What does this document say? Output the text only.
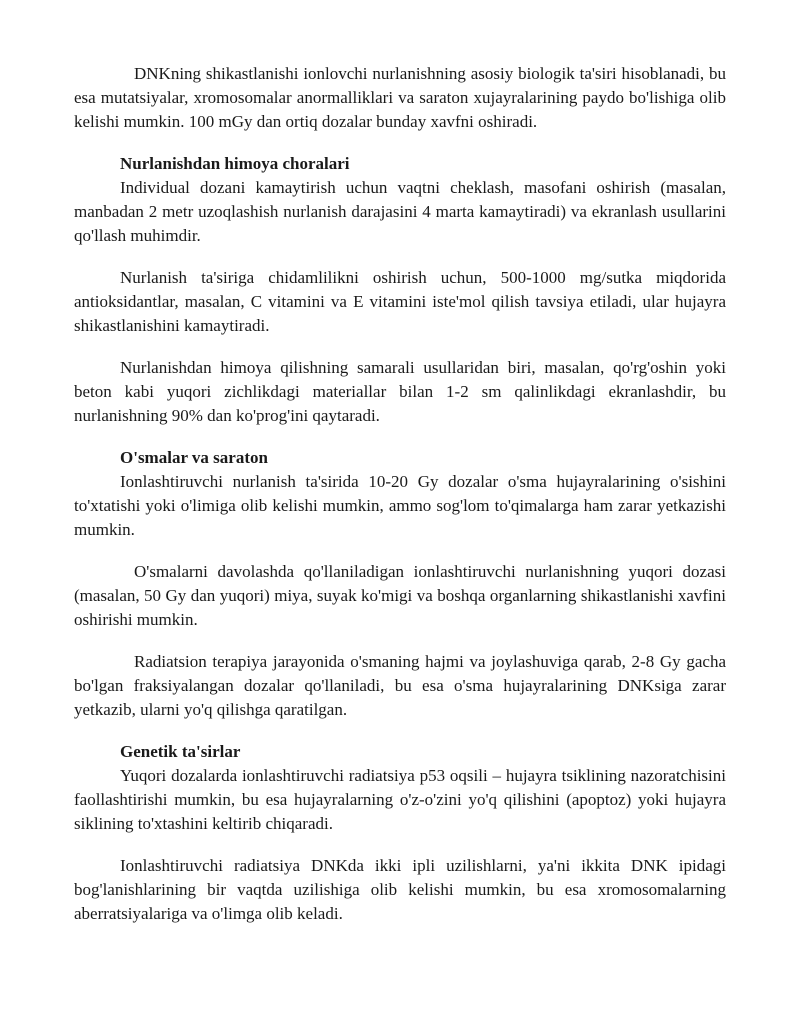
DNKning shikastlanishi ionlovchi nurlanishning asosiy biologik ta'siri hisoblanadi, bu esa mutatsiyalar, xromosomalar anormalliklari va saraton xujayralarining paydo bo'lishiga olib kelishi mumkin. 100 mGy dan ortiq dozalar bunday xavfni oshiradi.

Nurlanishdan himoya choralari

Individual dozani kamaytirish uchun vaqtni cheklash, masofani oshirish (masalan, manbadan 2 metr uzoqlashish nurlanish darajasini 4 marta kamaytiradi) va ekranlash usullarini qo'llash muhimdir.

Nurlanish ta'siriga chidamlilikni oshirish uchun, 500-1000 mg/sutka miqdorida antioksidantlar, masalan, C vitamini va E vitamini iste'mol qilish tavsiya etiladi, ular hujayra shikastlanishini kamaytiradi.

Nurlanishdan himoya qilishning samarali usullaridan biri, masalan, qo'rg'oshin yoki beton kabi yuqori zichlikdagi materiallar bilan 1-2 sm qalinlikdagi ekranlashdir, bu nurlanishning 90% dan ko'prog'ini qaytaradi.

O'smalar va saraton

Ionlashtiruvchi nurlanish ta'sirida 10-20 Gy dozalar o'sma hujayralarining o'sishini to'xtatishi yoki o'limiga olib kelishi mumkin, ammo sog'lom to'qimalarga ham zarar yetkazishi mumkin.

O'smalarni davolashda qo'llaniladigan ionlashtiruvchi nurlanishning yuqori dozasi (masalan, 50 Gy dan yuqori) miya, suyak ko'migi va boshqa organlarning shikastlanishi xavfini oshirishi mumkin.

Radiatsion terapiya jarayonida o'smaning hajmi va joylashuviga qarab, 2-8 Gy gacha bo'lgan fraksiyalangan dozalar qo'llaniladi, bu esa o'sma hujayralarining DNKsiga zarar yetkazib, ularni yo'q qilishga qaratilgan.

Genetik ta'sirlar

Yuqori dozalarda ionlashtiruvchi radiatsiya p53 oqsili – hujayra tsiklining nazoratchisini faollashtirishi mumkin, bu esa hujayralarning o'z-o'zini yo'q qilishini (apoptoz) yoki hujayra siklining to'xtashini keltirib chiqaradi.

Ionlashtiruvchi radiatsiya DNKda ikki ipli uzilishlarni, ya'ni ikkita DNK ipidagi bog'lanishlarining bir vaqtda uzilishiga olib kelishi mumkin, bu esa xromosomalarning aberratsiyalariga va o'limga olib keladi.
